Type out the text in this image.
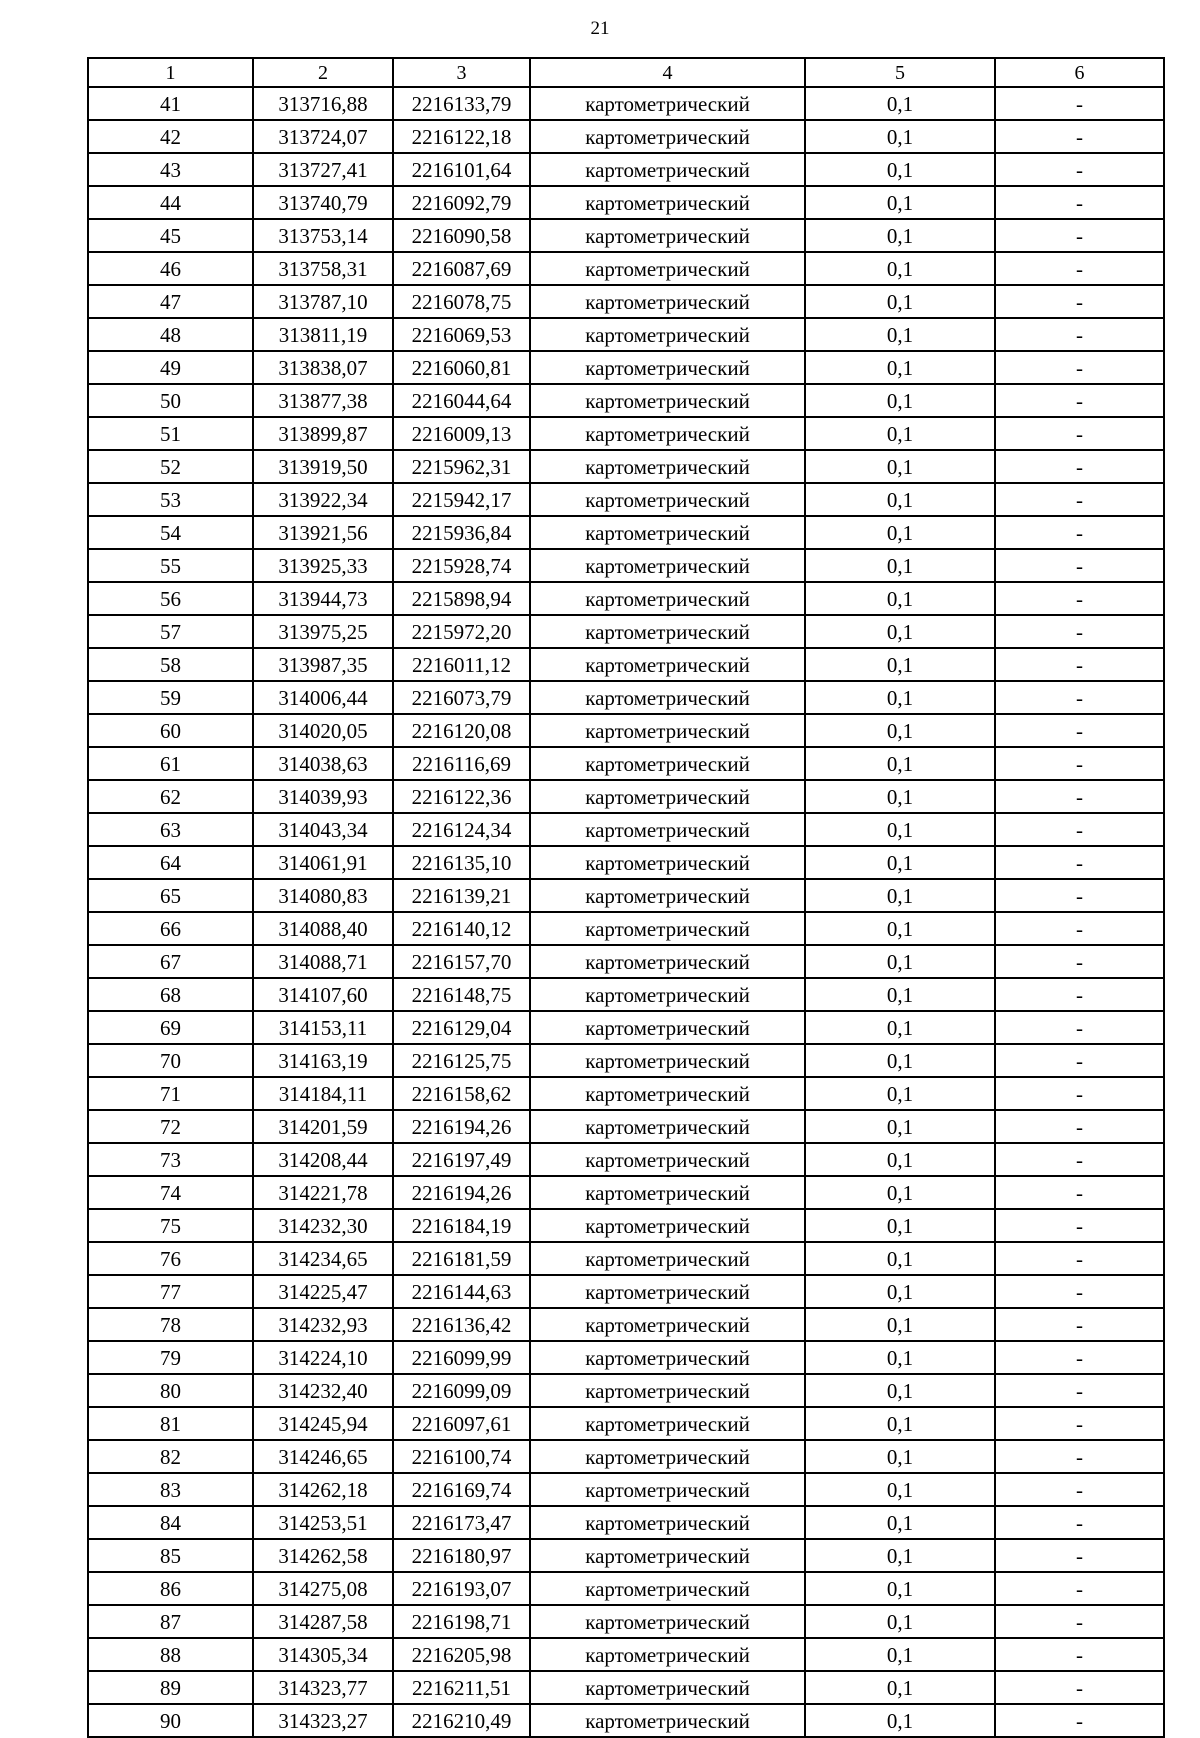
21
1	2	3	4	5	6
41	313716,88	2216133,79	картометрический	0,1	-
42	313724,07	2216122,18	картометрический	0,1	-
43	313727,41	2216101,64	картометрический	0,1	-
44	313740,79	2216092,79	картометрический	0,1	-
45	313753,14	2216090,58	картометрический	0,1	-
46	313758,31	2216087,69	картометрический	0,1	-
47	313787,10	2216078,75	картометрический	0,1	-
48	313811,19	2216069,53	картометрический	0,1	-
49	313838,07	2216060,81	картометрический	0,1	-
50	313877,38	2216044,64	картометрический	0,1	-
51	313899,87	2216009,13	картометрический	0,1	-
52	313919,50	2215962,31	картометрический	0,1	-
53	313922,34	2215942,17	картометрический	0,1	-
54	313921,56	2215936,84	картометрический	0,1	-
55	313925,33	2215928,74	картометрический	0,1	-
56	313944,73	2215898,94	картометрический	0,1	-
57	313975,25	2215972,20	картометрический	0,1	-
58	313987,35	2216011,12	картометрический	0,1	-
59	314006,44	2216073,79	картометрический	0,1	-
60	314020,05	2216120,08	картометрический	0,1	-
61	314038,63	2216116,69	картометрический	0,1	-
62	314039,93	2216122,36	картометрический	0,1	-
63	314043,34	2216124,34	картометрический	0,1	-
64	314061,91	2216135,10	картометрический	0,1	-
65	314080,83	2216139,21	картометрический	0,1	-
66	314088,40	2216140,12	картометрический	0,1	-
67	314088,71	2216157,70	картометрический	0,1	-
68	314107,60	2216148,75	картометрический	0,1	-
69	314153,11	2216129,04	картометрический	0,1	-
70	314163,19	2216125,75	картометрический	0,1	-
71	314184,11	2216158,62	картометрический	0,1	-
72	314201,59	2216194,26	картометрический	0,1	-
73	314208,44	2216197,49	картометрический	0,1	-
74	314221,78	2216194,26	картометрический	0,1	-
75	314232,30	2216184,19	картометрический	0,1	-
76	314234,65	2216181,59	картометрический	0,1	-
77	314225,47	2216144,63	картометрический	0,1	-
78	314232,93	2216136,42	картометрический	0,1	-
79	314224,10	2216099,99	картометрический	0,1	-
80	314232,40	2216099,09	картометрический	0,1	-
81	314245,94	2216097,61	картометрический	0,1	-
82	314246,65	2216100,74	картометрический	0,1	-
83	314262,18	2216169,74	картометрический	0,1	-
84	314253,51	2216173,47	картометрический	0,1	-
85	314262,58	2216180,97	картометрический	0,1	-
86	314275,08	2216193,07	картометрический	0,1	-
87	314287,58	2216198,71	картометрический	0,1	-
88	314305,34	2216205,98	картометрический	0,1	-
89	314323,77	2216211,51	картометрический	0,1	-
90	314323,27	2216210,49	картометрический	0,1	-
